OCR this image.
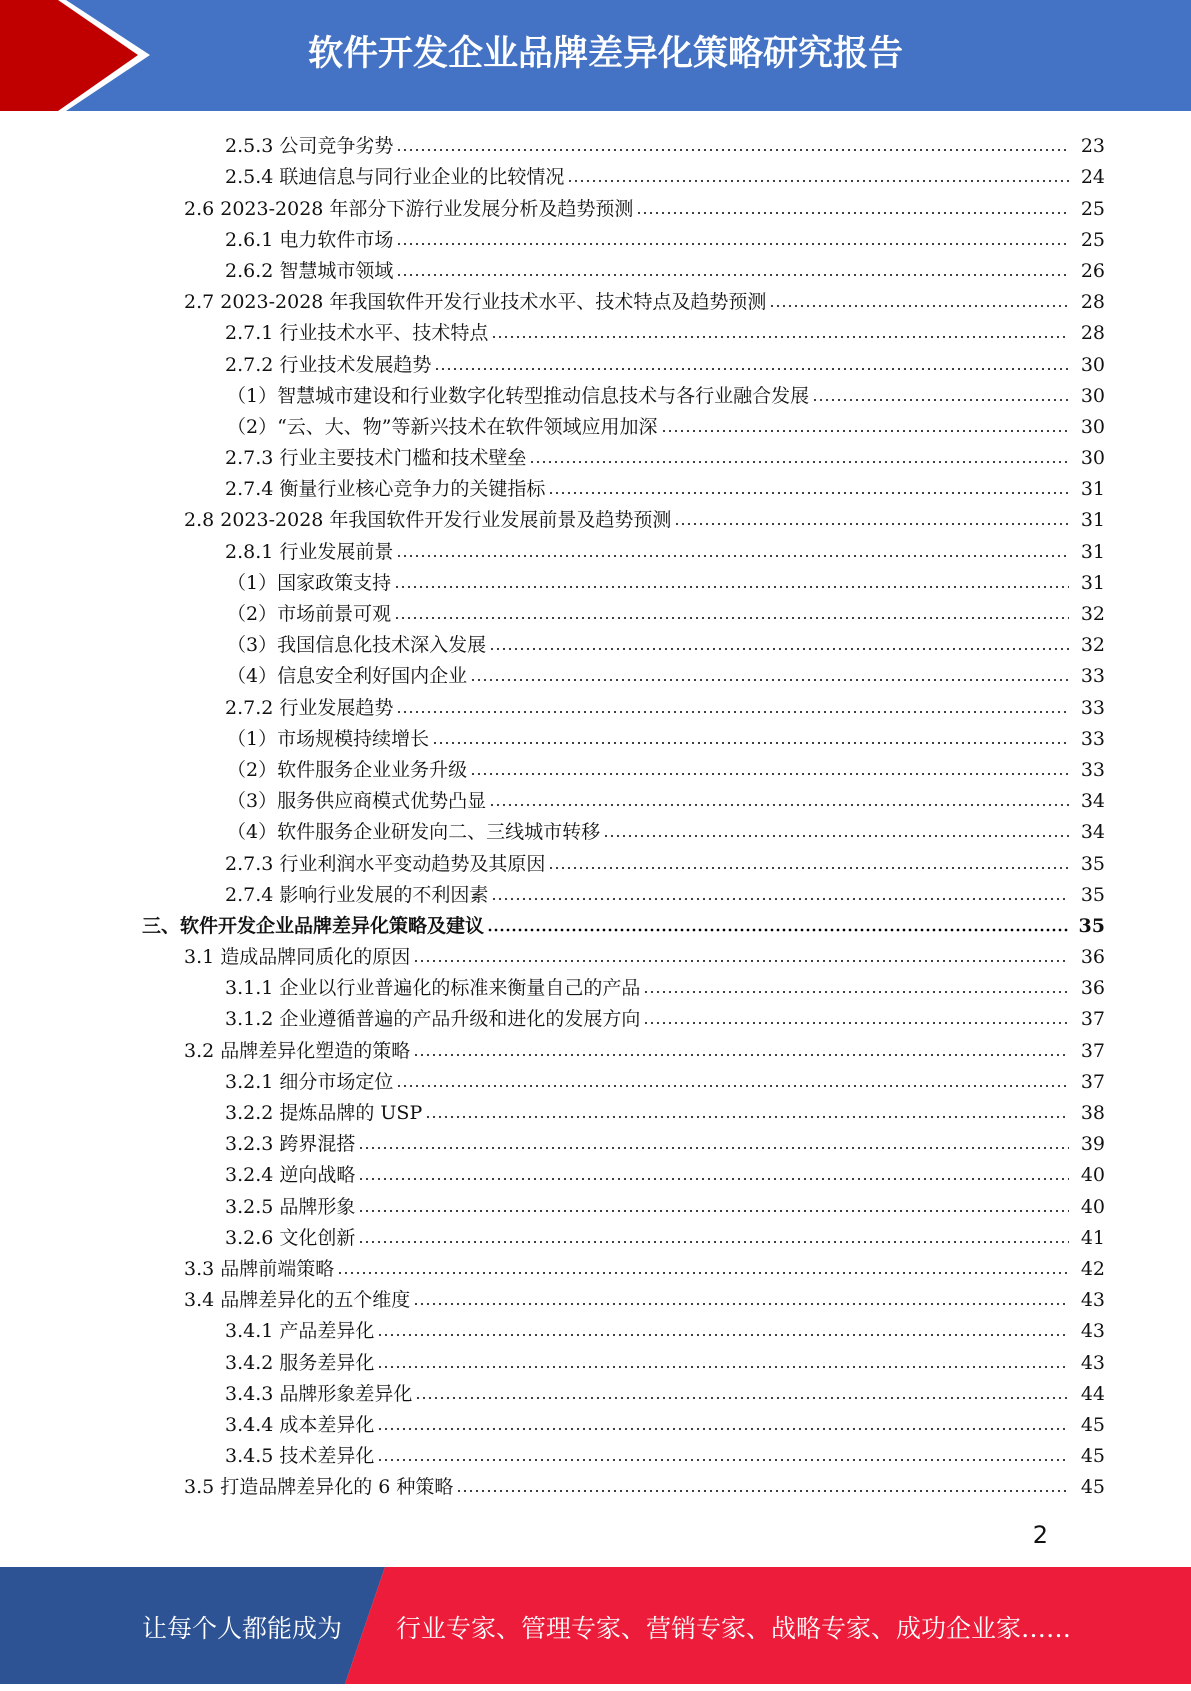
软件开发企业品牌差异化策略研究报告
2.5.3 公司竞争劣势	23
2.5.4 联迪信息与同行业企业的比较情况	24
2.6 2023-2028 年部分下游行业发展分析及趋势预测	25
2.6.1 电力软件市场	25
2.6.2 智慧城市领域	26
2.7 2023-2028 年我国软件开发行业技术水平、技术特点及趋势预测	28
2.7.1 行业技术水平、技术特点	28
2.7.2 行业技术发展趋势	30
（1）智慧城市建设和行业数字化转型推动信息技术与各行业融合发展	30
（2）“云、大、物”等新兴技术在软件领域应用加深	30
2.7.3 行业主要技术门槛和技术壁垒	30
2.7.4 衡量行业核心竞争力的关键指标	31
2.8 2023-2028 年我国软件开发行业发展前景及趋势预测	31
2.8.1 行业发展前景	31
（1）国家政策支持	31
（2）市场前景可观	32
（3）我国信息化技术深入发展	32
（4）信息安全利好国内企业	33
2.7.2 行业发展趋势	33
（1）市场规模持续增长	33
（2）软件服务企业业务升级	33
（3）服务供应商模式优势凸显	34
（4）软件服务企业研发向二、三线城市转移	34
2.7.3 行业利润水平变动趋势及其原因	35
2.7.4 影响行业发展的不利因素	35
三、软件开发企业品牌差异化策略及建议	35
3.1 造成品牌同质化的原因	36
3.1.1 企业以行业普遍化的标准来衡量自己的产品	36
3.1.2 企业遵循普遍的产品升级和进化的发展方向	37
3.2 品牌差异化塑造的策略	37
3.2.1 细分市场定位	37
3.2.2 提炼品牌的 USP	38
3.2.3 跨界混搭	39
3.2.4 逆向战略	40
3.2.5 品牌形象	40
3.2.6 文化创新	41
3.3 品牌前端策略	42
3.4 品牌差异化的五个维度	43
3.4.1 产品差异化	43
3.4.2 服务差异化	43
3.4.3 品牌形象差异化	44
3.4.4 成本差异化	45
3.4.5 技术差异化	45
3.5 打造品牌差异化的 6 种策略	45
2
让每个人都能成为 行业专家、管理专家、营销专家、战略专家、成功企业家……
